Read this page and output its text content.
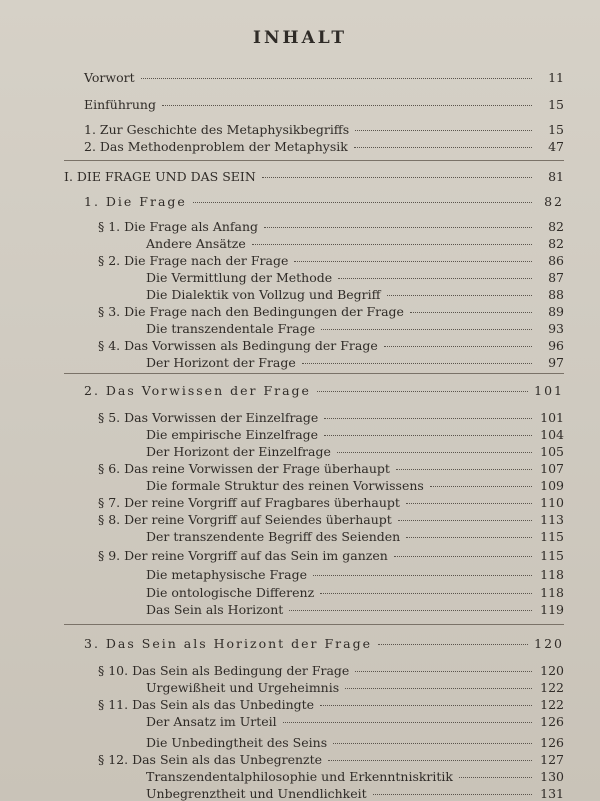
INHALT
Vorwort	11
Einführung	15
1. Zur Geschichte des Metaphysikbegriffs	15
2. Das Methodenproblem der Metaphysik	47
I. DIE FRAGE UND DAS SEIN	81
1. Die Frage	82
§ 1. Die Frage als Anfang	82
Andere Ansätze	82
§ 2. Die Frage nach der Frage	86
Die Vermittlung der Methode	87
Die Dialektik von Vollzug und Begriff	88
§ 3. Die Frage nach den Bedingungen der Frage	89
Die transzendentale Frage	93
§ 4. Das Vorwissen als Bedingung der Frage	96
Der Horizont der Frage	97
2. Das Vorwissen der Frage	101
§ 5. Das Vorwissen der Einzelfrage	101
Die empirische Einzelfrage	104
Der Horizont der Einzelfrage	105
§ 6. Das reine Vorwissen der Frage überhaupt	107
Die formale Struktur des reinen Vorwissens	109
§ 7. Der reine Vorgriff auf Fragbares überhaupt	110
§ 8. Der reine Vorgriff auf Seiendes überhaupt	113
Der transzendente Begriff des Seienden	115
§ 9. Der reine Vorgriff auf das Sein im ganzen	115
Die metaphysische Frage	118
Die ontologische Differenz	118
Das Sein als Horizont	119
3. Das Sein als Horizont der Frage	120
§ 10. Das Sein als Bedingung der Frage	120
Urgewißheit und Urgeheimnis	122
§ 11. Das Sein als das Unbedingte	122
Der Ansatz im Urteil	126
Die Unbedingtheit des Seins	126
§ 12. Das Sein als das Unbegrenzte	127
Transzendentalphilosophie und Erkenntniskritik	130
Unbegrenztheit und Unendlichkeit	131
